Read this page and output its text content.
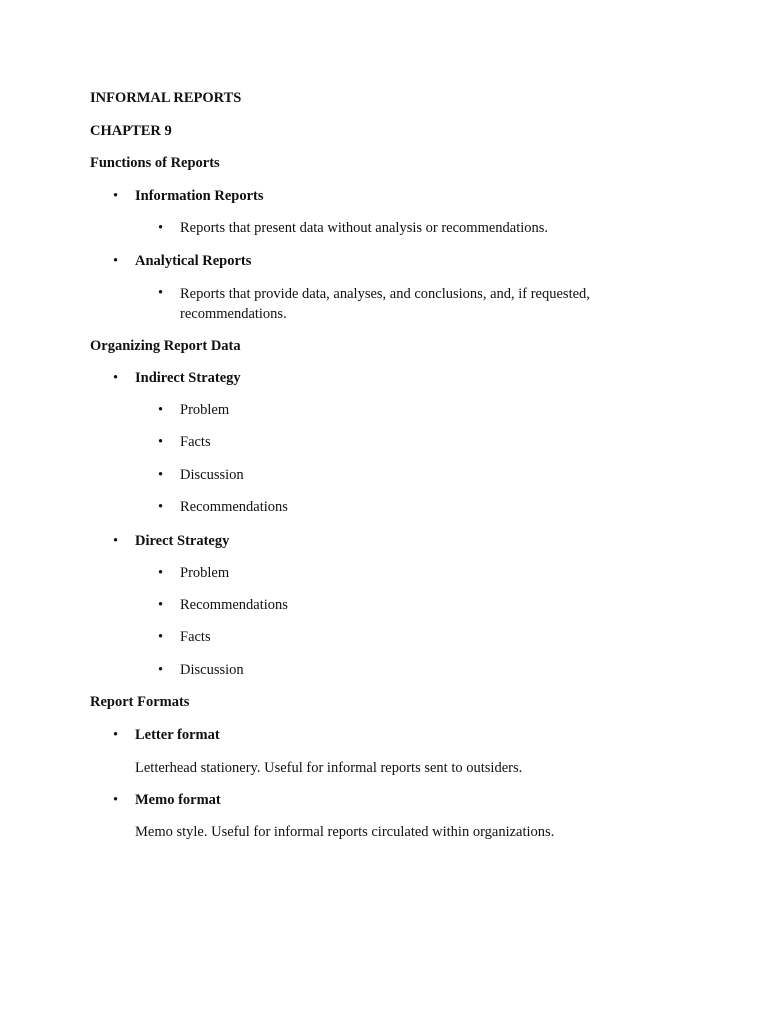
INFORMAL REPORTS
CHAPTER 9
Functions of Reports
• Information Reports
• Reports that present data without analysis or recommendations.
• Analytical Reports
• Reports that provide data, analyses, and conclusions, and, if requested, recommendations.
Organizing Report Data
• Indirect Strategy
• Problem
• Facts
• Discussion
• Recommendations
• Direct Strategy
• Problem
• Recommendations
• Facts
• Discussion
Report Formats
• Letter format
Letterhead stationery. Useful for informal reports sent to outsiders.
• Memo format
Memo style. Useful for informal reports circulated within organizations.
